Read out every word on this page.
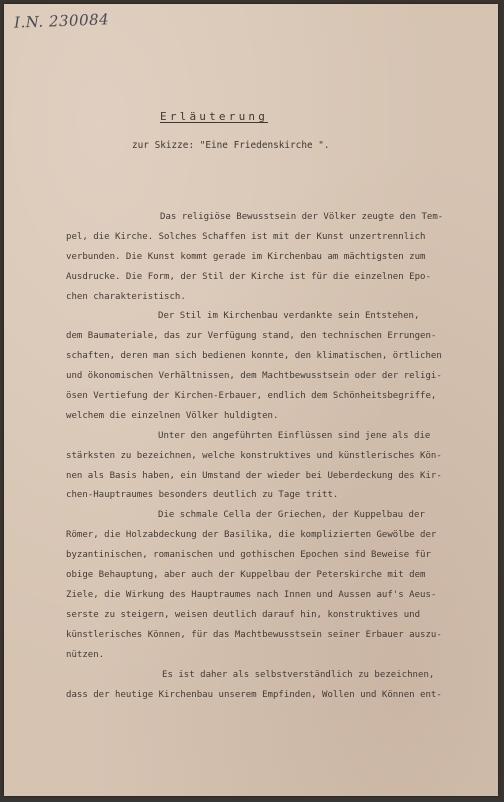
I.N. 230084
Erläuterung
zur Skizze: "Eine Friedenskirche ".
Das religiöse Bewusstsein der Völker zeugte den Tem-
pel, die Kirche. Solches Schaffen ist mit der Kunst unzertrennlich
verbunden. Die Kunst kommt gerade im Kirchenbau am mächtigsten zum
Ausdrucke. Die Form, der Stil der Kirche ist für die einzelnen Epo-
chen charakteristisch.
Der Stil im Kirchenbau verdankte sein Entstehen,
dem Baumateriale, das zur Verfügung stand, den technischen Errungen-
schaften, deren man sich bedienen konnte, den klimatischen, örtlichen
und ökonomischen Verhältnissen, dem Machtbewusstsein oder der religi-
ösen Vertiefung der Kirchen-Erbauer, endlich dem Schönheitsbegriffe,
welchem die einzelnen Völker huldigten.
Unter den angeführten Einflüssen sind jene als die
stärksten zu bezeichnen, welche konstruktives und künstlerisches Kön-
nen als Basis haben, ein Umstand der wieder bei Ueberdeckung des Kir-
chen-Hauptraumes besonders deutlich zu Tage tritt.
Die schmale Cella der Griechen, der Kuppelbau der
Römer, die Holzabdeckung der Basilika, die komplizierten Gewölbe der
byzantinischen, romanischen und gothischen Epochen sind Beweise für
obige Behauptung, aber auch der Kuppelbau der Peterskirche mit dem
Ziele, die Wirkung des Hauptraumes nach Innen und Aussen auf's Aeus-
serste zu steigern, weisen deutlich darauf hin, konstruktives und
künstlerisches Können, für das Machtbewusstsein seiner Erbauer auszu-
nützen.
Es ist daher als selbstverständlich zu bezeichnen,
dass der heutige Kirchenbau unserem Empfinden, Wollen und Können ent-
